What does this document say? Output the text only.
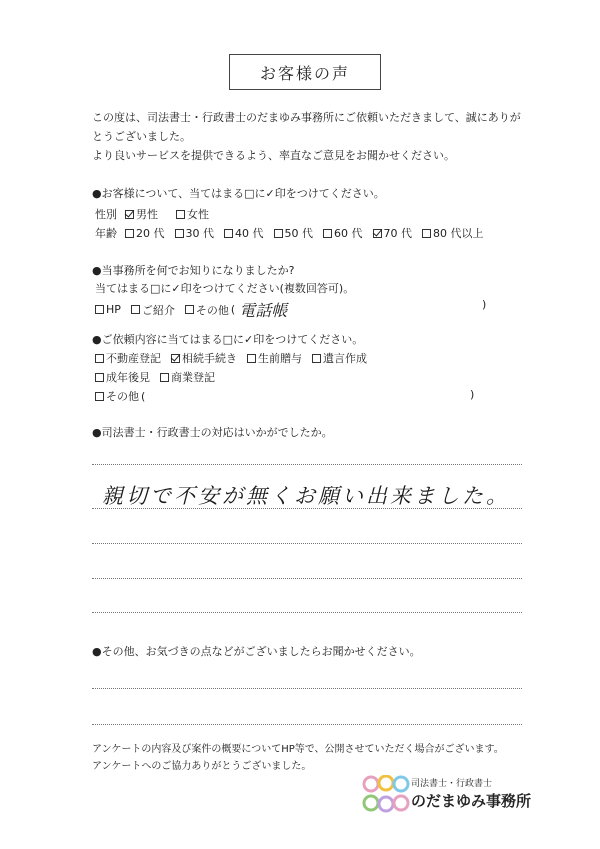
お客様の声
この度は、司法書士・行政書士のだまゆみ事務所にご依頼いただきまして、誠にありが
とうございました。
より良いサービスを提供できるよう、率直なご意見をお聞かせください。
●お客様について、当てはまる□に✓印をつけてください。
性別 男性	女性
年齢 20 代 30 代 40 代 50 代 60 代 70 代 80 代以上
●当事務所を何でお知りになりましたか?
当てはまる□に✓印をつけてください(複数回答可)。
HP ご紹介 その他 ( 電話帳	)
●ご依頼内容に当てはまる□に✓印をつけてください。
不動産登記 相続手続き 生前贈与 遺言作成
成年後見 商業登記
その他 (	)
●司法書士・行政書士の対応はいかがでしたか。
親切で不安が無くお願い出来ました。
●その他、お気づきの点などがございましたらお聞かせください。
アンケートの内容及び案件の概要についてHP等で、公開させていただく場合がございます。
アンケートへのご協力ありがとうございました。
司法書士・行政書士
のだまゆみ事務所
